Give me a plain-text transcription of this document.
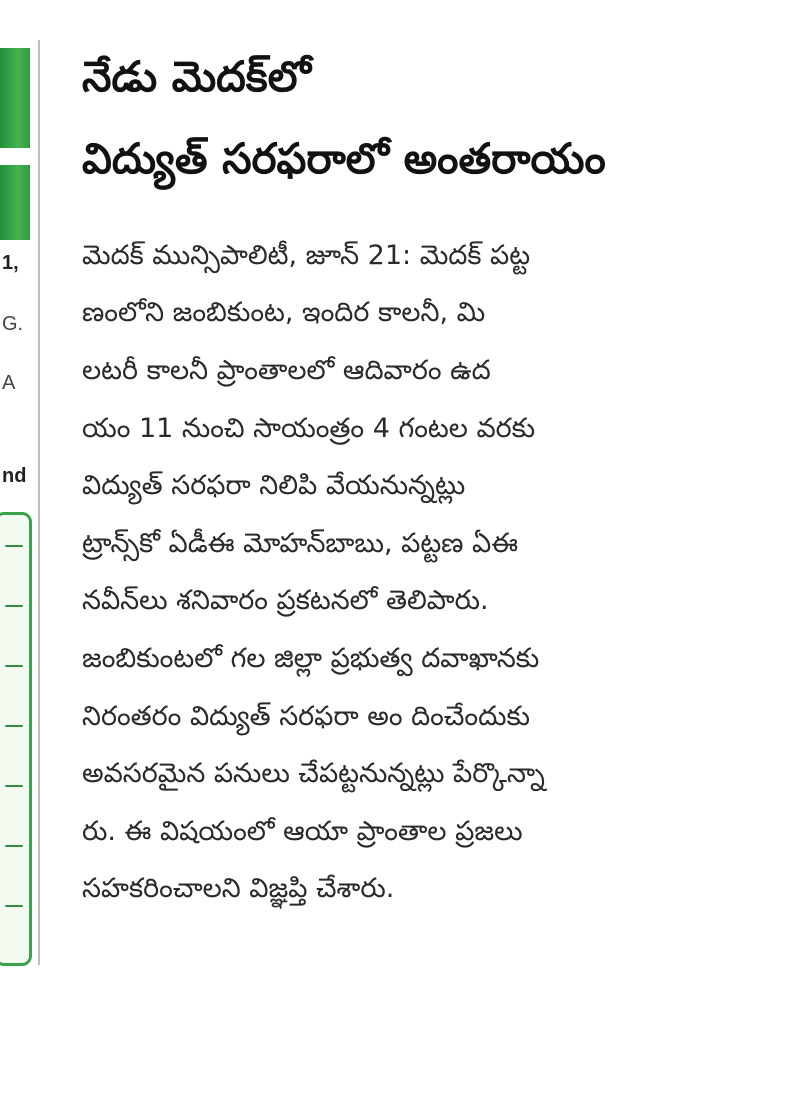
1,
G.
A
nd
నేడు మెదక్‌లో
విద్యుత్ సరఫరాలో అంతరాయం
మెదక్ మున్సిపాలిటీ, జూన్ 21: మెదక్ పట్ట
ణంలోని జంబికుంట, ఇందిర కాలనీ, మి
లటరీ కాలనీ ప్రాంతాలలో ఆదివారం ఉద
యం 11 నుంచి సాయంత్రం 4 గంటల వరకు
విద్యుత్ సరఫరా నిలిపి వేయనున్నట్లు
ట్రాన్స్‌కో ఏడీఈ మోహన్‌బాబు, పట్టణ ఏఈ
నవీన్‌లు శనివారం ప్రకటనలో తెలిపారు.
జంబికుంటలో గల జిల్లా ప్రభుత్వ దవాఖానకు
నిరంతరం విద్యుత్ సరఫరా అం దించేందుకు
అవసరమైన పనులు చేపట్టనున్నట్లు పేర్కొన్నా
రు. ఈ విషయంలో ఆయా ప్రాంతాల ప్రజలు
సహకరించాలని విజ్ఞప్తి చేశారు.
